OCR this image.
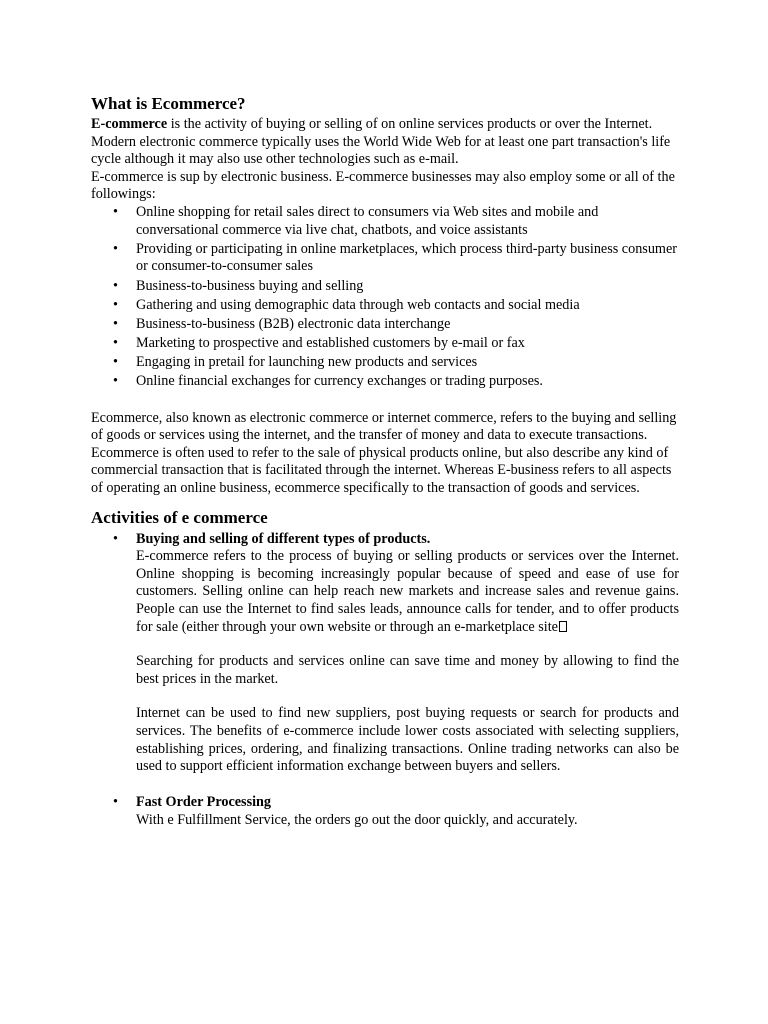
What is Ecommerce?

E-commerce is the activity of buying or selling of on online services products or over the Internet.

Modern electronic commerce typically uses the World Wide Web for at least one part transaction's life cycle although it may also use other technologies such as e-mail.

E-commerce is sup by electronic business. E-commerce businesses may also employ some or all of the followings:

• Online shopping for retail sales direct to consumers via Web sites and mobile and conversational commerce via live chat, chatbots, and voice assistants
• Providing or participating in online marketplaces, which process third-party business consumer or consumer-to-consumer sales
• Business-to-business buying and selling
• Gathering and using demographic data through web contacts and social media
• Business-to-business (B2B) electronic data interchange
• Marketing to prospective and established customers by e-mail or fax
• Engaging in pretail for launching new products and services
• Online financial exchanges for currency exchanges or trading purposes.

Ecommerce, also known as electronic commerce or internet commerce, refers to the buying and selling of goods or services using the internet, and the transfer of money and data to execute transactions. Ecommerce is often used to refer to the sale of physical products online, but also describe any kind of commercial transaction that is facilitated through the internet. Whereas E-business refers to all aspects of operating an online business, ecommerce specifically to the transaction of goods and services.

Activities of e commerce
• Buying and selling of different types of products.

E-commerce refers to the process of buying or selling products or services over the Internet. Online shopping is becoming increasingly popular because of speed and ease of use for customers. Selling online can help reach new markets and increase sales and revenue gains. People can use the Internet to find sales leads, announce calls for tender, and to offer products for sale (either through your own website or through an e-marketplace site

Searching for products and services online can save time and money by allowing to find the best prices in the market.

Internet can be used to find new suppliers, post buying requests or search for products and services. The benefits of e-commerce include lower costs associated with selecting suppliers, establishing prices, ordering, and finalizing transactions. Online trading networks can also be used to support efficient information exchange between buyers and sellers.

• Fast Order Processing

With e Fulfillment Service, the orders go out the door quickly, and accurately.
